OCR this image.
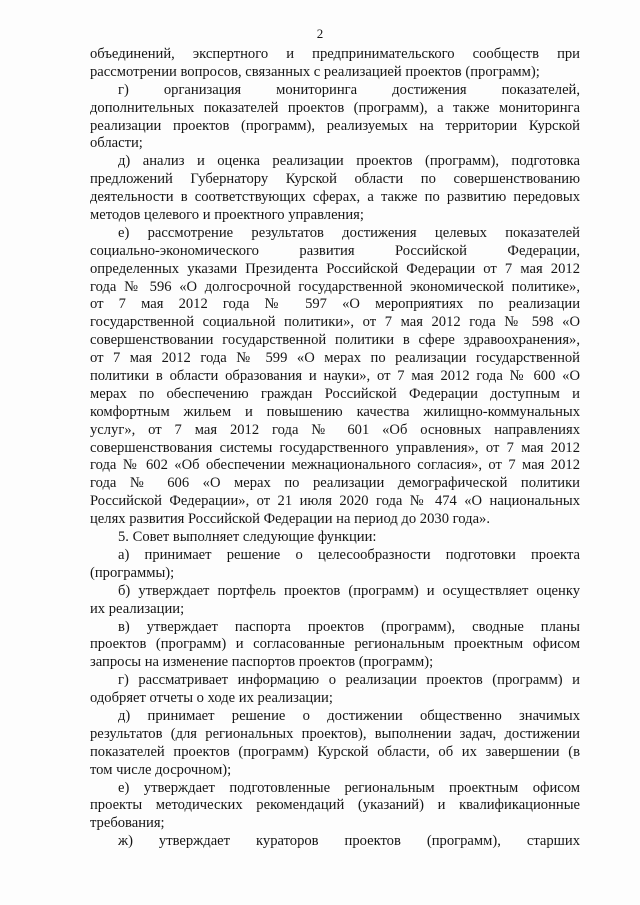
2
объединений, экспертного и предпринимательского сообществ при
рассмотрении вопросов, связанных с реализацией проектов (программ);
г) организация мониторинга достижения показателей,
дополнительных показателей проектов (программ), а также мониторинга
реализации проектов (программ), реализуемых на территории Курской
области;
д) анализ и оценка реализации проектов (программ), подготовка
предложений Губернатору Курской области по совершенствованию
деятельности в соответствующих сферах, а также по развитию передовых
методов целевого и проектного управления;
е) рассмотрение результатов достижения целевых показателей
социально-экономического развития Российской Федерации,
определенных указами Президента Российской Федерации от 7 мая 2012
года № 596 «О долгосрочной государственной экономической политике»,
от 7 мая 2012 года № 597 «О мероприятиях по реализации
государственной социальной политики», от 7 мая 2012 года № 598 «О
совершенствовании государственной политики в сфере здравоохранения»,
от 7 мая 2012 года № 599 «О мерах по реализации государственной
политики в области образования и науки», от 7 мая 2012 года № 600 «О
мерах по обеспечению граждан Российской Федерации доступным и
комфортным жильем и повышению качества жилищно-коммунальных
услуг», от 7 мая 2012 года № 601 «Об основных направлениях
совершенствования системы государственного управления», от 7 мая 2012
года № 602 «Об обеспечении межнационального согласия», от 7 мая 2012
года № 606 «О мерах по реализации демографической политики
Российской Федерации», от 21 июля 2020 года № 474 «О национальных
целях развития Российской Федерации на период до 2030 года».
5. Совет выполняет следующие функции:
а) принимает решение о целесообразности подготовки проекта
(программы);
б) утверждает портфель проектов (программ) и осуществляет оценку
их реализации;
в) утверждает паспорта проектов (программ), сводные планы
проектов (программ) и согласованные региональным проектным офисом
запросы на изменение паспортов проектов (программ);
г) рассматривает информацию о реализации проектов (программ) и
одобряет отчеты о ходе их реализации;
д) принимает решение о достижении общественно значимых
результатов (для региональных проектов), выполнении задач, достижении
показателей проектов (программ) Курской области, об их завершении (в
том числе досрочном);
е) утверждает подготовленные региональным проектным офисом
проекты методических рекомендаций (указаний) и квалификационные
требования;
ж) утверждает кураторов проектов (программ), старших
